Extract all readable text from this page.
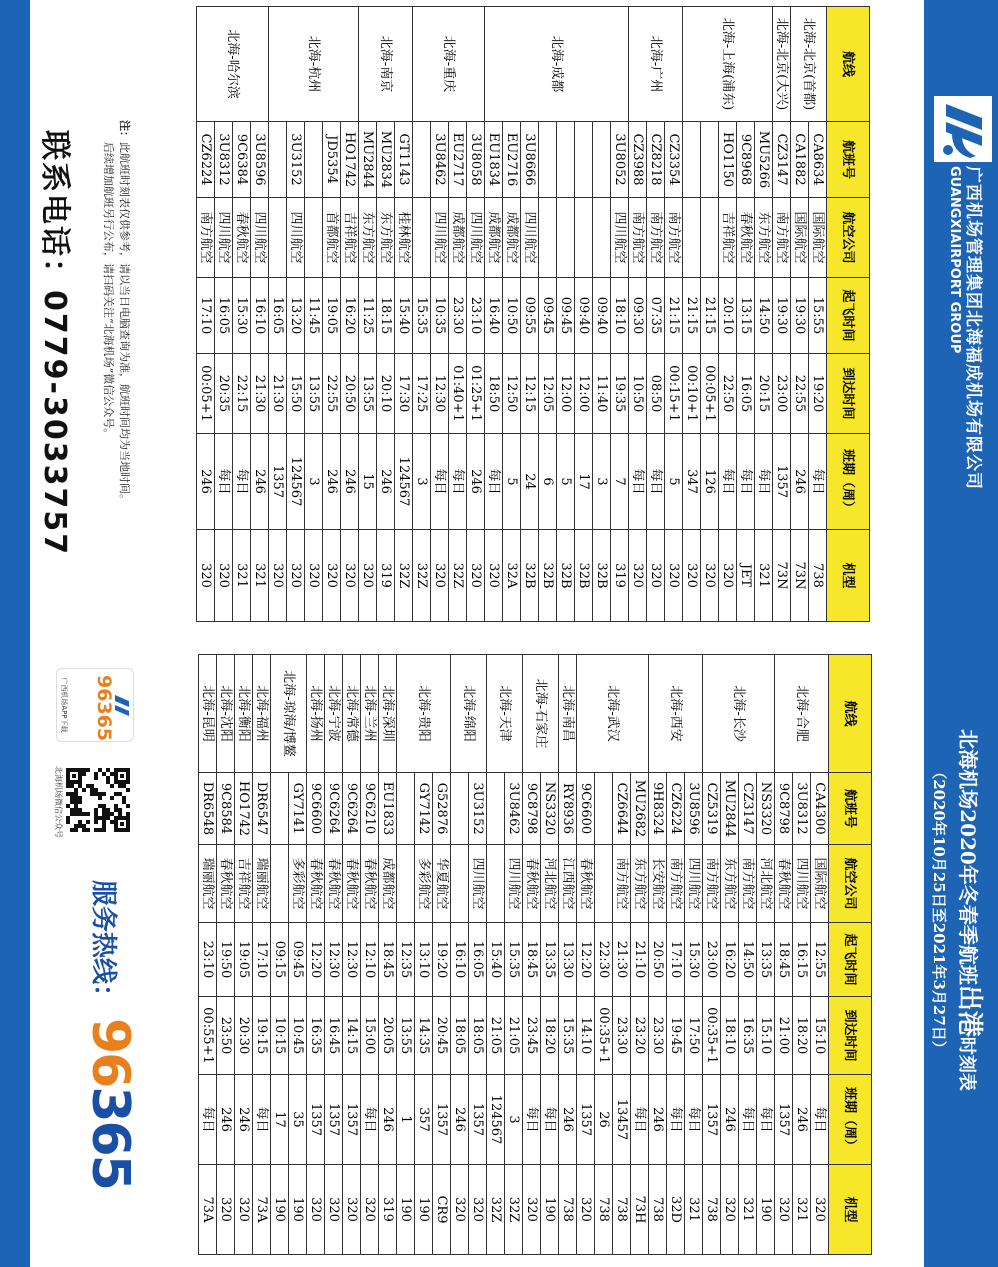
广西机场管理集团北海福成机场有限公司
GUANGXIAIRPORT GROUP
北海机场2020年冬春季航班出港时刻表
（2020年10月25日至2021年3月27日）
航线	航班号	航空公司	起飞时间	到达时间	班期（周）	机型
北海-北京(首都)	CA8634	国际航空	15:55	19:20	每日	738
	CA1882	国际航空	19:30	22:55	246	73N
北海-北京(大兴)	CZ3147	南方航空	19:30	23:00	1357	73N
北海-上海(浦东)	MU5266	东方航空	14:50	20:15	每日	321
	9C8968	春秋航空	13:15	16:05	每日	JET
	HO1150	吉祥航空	20:10	22:50	每日	320
			21:15	00:05+1	126	320
			21:15	00:10+1	347	320
北海-广州	CZ3354	南方航空	21:15	00:15+1	5	320
	CZ8218	南方航空	07:35	08:50	每日	320
	CZ3988	南方航空	09:30	10:50	每日	320
北海-成都	3U8052	四川航空	18:10	19:35	7	319
			09:40	11:40	3	32B
			09:40	12:00	17	32B
			09:45	12:00	5	32B
			09:45	12:05	6	32B
	3U8666	四川航空	09:55	12:15	24	32B
	EU2716	成都航空	10:50	12:50	5	32A
	EU1834	成都航空	16:40	18:50	每日	320
北海-重庆	3U8058	四川航空	23:10	01:25+1	246	320
	EU2717	成都航空	23:30	01:40+1	每日	32Z
	3U8462	四川航空	10:35	12:30	每日	320
			15:35	17:25	3	32Z
北海-南京	GT1143	桂林航空	15:40	17:30	124567	32Z
	MU2834	东方航空	18:15	20:10	246	319
	MU2844	东方航空	11:25	13:55	15	320
北海-杭州	HO1742	吉祥航空	16:20	20:50	246	320
	JD5354	首都航空	19:05	22:55	246	320
			11:45	13:55	3	320
	3U3152	四川航空	13:20	15:50	124567	320
			16:05	21:30	1357	320
北海-哈尔滨	3U8596	四川航空	16:10	21:30	246	321
	9C6384	春秋航空	15:30	22:15	每日	321
	3U8312	四川航空	16:05	20:35	每日	320
	CZ6224	南方航空	17:10	00:05+1	246	320
航线	航班号	航空公司	起飞时间	到达时间	班期（周）	机型
北海-合肥	CA4300	国际航空	12:55	15:10	每日	320
	3U8312	四川航空	16:15	18:20	246	321
	9C8798	春秋航空	18:45	21:00	1357	320
北海-长沙	NS3320	河北航空	13:35	15:10	每日	190
	CZ3147	南方航空	14:50	16:35	每日	321
	MU2844	东方航空	16:20	18:10	246	320
	CZ5319	南方航空	23:00	00:35+1	1357	738
北海-西安	3U8596	四川航空	15:30	17:50	每日	321
	CZ6224	南方航空	17:10	19:45	每日	32D
	9H8324	长安航空	20:50	23:30	246	738
北海-武汉	MU2682	东方航空	21:10	23:20	每日	73H
	CZ6644	南方航空	21:30	23:30	13457	738
			22:30	00:35+1	26	738
	9C6600	春秋航空	12:20	14:10	1357	320
北海-南昌	RY8936	江西航空	13:30	15:35	246	738
北海-石家庄	NS3320	河北航空	13:35	18:20	每日	190
	9C8798	春秋航空	18:45	23:45	每日	320
北海-天津	3U8462	四川航空	15:35	21:05	3	32Z
			15:40	21:05	124567	32Z
北海-绵阳	3U3152	四川航空	16:05	18:05	1357	320
			16:10	18:05	246	320
北海-贵阳	G52876	华夏航空	19:20	20:45	1357	CR9
	GY7142	多彩航空	13:10	14:35	357	190
			12:35	13:55	1	190
北海-深圳	EU1833	成都航空	18:45	20:05	246	319
北海-兰州	9C6210	春秋航空	12:10	15:00	每日	320
北海-常德	9C6264	春秋航空	12:30	14:15	1357	320
北海-宁波	9C6264	春秋航空	12:30	16:45	1357	320
北海-扬州	9C6600	春秋航空	12:20	16:35	1357	320
北海-琼海/博鳌	GY7141	多彩航空	09:45	10:45	35	190
			09:15	10:15	17	190
北海-福州	DR6547	瑞丽航空	17:10	19:15	每日	73A
北海-衡阳	HO1742	吉祥航空	19:05	20:30	246	320
北海-沈阳	9C8584	春秋航空	19:50	23:50	246	320
北海-昆明	DR6548	瑞丽航空	23:10	00:55+1	每日	73A
注：此航班时刻表仅供参考，请以当日电脑查询为准，航班时间均为当地时间。
后续增加航班另行公布，请扫码关注“北海机场”微信公众号。
联系电话：0779-3033757
96365
广西机场APP下载
北海机场微信公众号
服务热线：
96365
